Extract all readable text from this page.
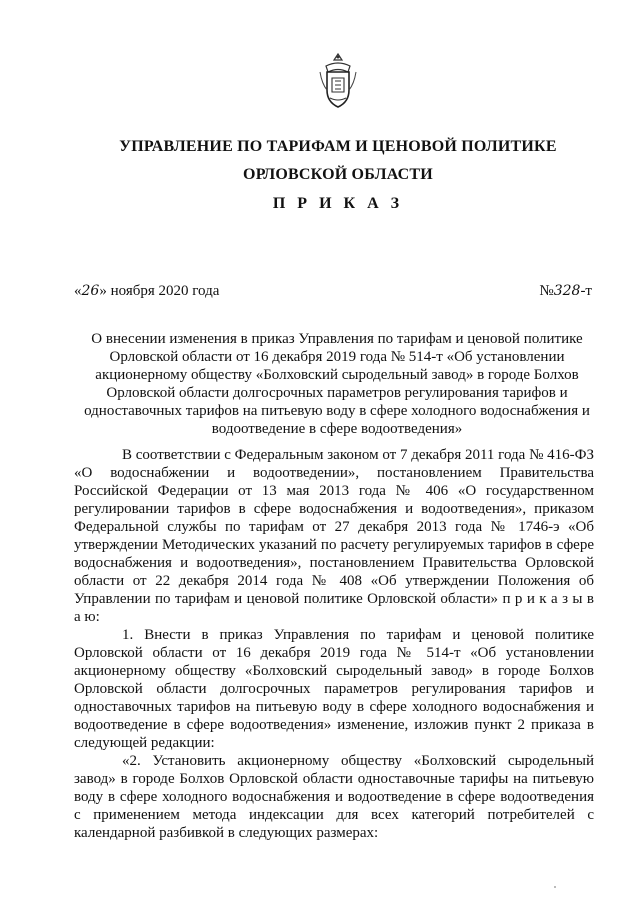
УПРАВЛЕНИЕ ПО ТАРИФАМ И ЦЕНОВОЙ ПОЛИТИКЕ
ОРЛОВСКОЙ ОБЛАСТИ
П Р И К А З
«26» ноября 2020 года	№328-т
О внесении изменения в приказ Управления по тарифам и ценовой политике Орловской области от 16 декабря 2019 года № 514-т «Об установлении акционерному обществу «Болховский сыродельный завод» в городе Болхов Орловской области долгосрочных параметров регулирования тарифов и одноставочных тарифов на питьевую воду в сфере холодного водоснабжения и водоотведение в сфере водоотведения»

В соответствии с Федеральным законом от 7 декабря 2011 года № 416-ФЗ «О водоснабжении и водоотведении», постановлением Правительства Российской Федерации от 13 мая 2013 года № 406 «О государственном регулировании тарифов в сфере водоснабжения и водоотведения», приказом Федеральной службы по тарифам от 27 декабря 2013 года № 1746-э «Об утверждении Методических указаний по расчету регулируемых тарифов в сфере водоснабжения и водоотведения», постановлением Правительства Орловской области от 22 декабря 2014 года № 408 «Об утверждении Положения об Управлении по тарифам и ценовой политике Орловской области» п р и к а з ы в а ю:

1. Внести в приказ Управления по тарифам и ценовой политике Орловской области от 16 декабря 2019 года № 514-т «Об установлении акционерному обществу «Болховский сыродельный завод» в городе Болхов Орловской области долгосрочных параметров регулирования тарифов и одноставочных тарифов на питьевую воду в сфере холодного водоснабжения и водоотведение в сфере водоотведения» изменение, изложив пункт 2 приказа в следующей редакции:

«2. Установить акционерному обществу «Болховский сыродельный завод» в городе Болхов Орловской области одноставочные тарифы на питьевую воду в сфере холодного водоснабжения и водоотведение в сфере водоотведения с применением метода индексации для всех категорий потребителей с календарной разбивкой в следующих размерах:
